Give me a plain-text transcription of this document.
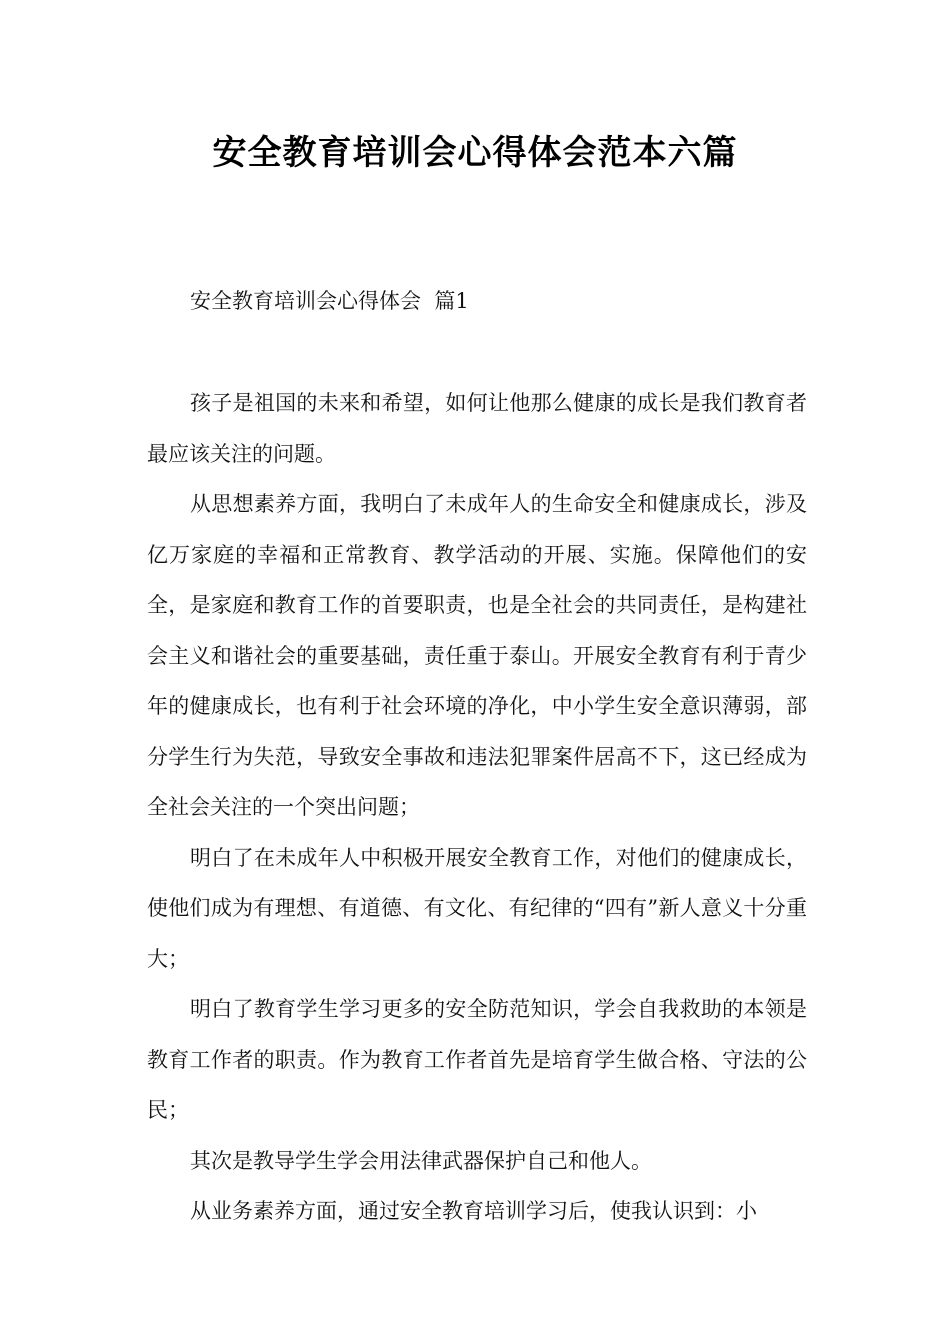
安全教育培训会心得体会范本六篇
安全教育培训会心得体会  篇1

孩子是祖国的未来和希望，如何让他那么健康的成长是我们教育者最应该关注的问题。

从思想素养方面，我明白了未成年人的生命安全和健康成长，涉及亿万家庭的幸福和正常教育、教学活动的开展、实施。保障他们的安全，是家庭和教育工作的首要职责，也是全社会的共同责任，是构建社会主义和谐社会的重要基础，责任重于泰山。开展安全教育有利于青少年的健康成长，也有利于社会环境的净化，中小学生安全意识薄弱，部分学生行为失范，导致安全事故和违法犯罪案件居高不下，这已经成为全社会关注的一个突出问题；

明白了在未成年人中积极开展安全教育工作，对他们的健康成长，使他们成为有理想、有道德、有文化、有纪律的“四有”新人意义十分重大；

明白了教育学生学习更多的安全防范知识，学会自我救助的本领是教育工作者的职责。作为教育工作者首先是培育学生做合格、守法的公民；

其次是教导学生学会用法律武器保护自己和他人。

从业务素养方面，通过安全教育培训学习后，使我认识到：小
